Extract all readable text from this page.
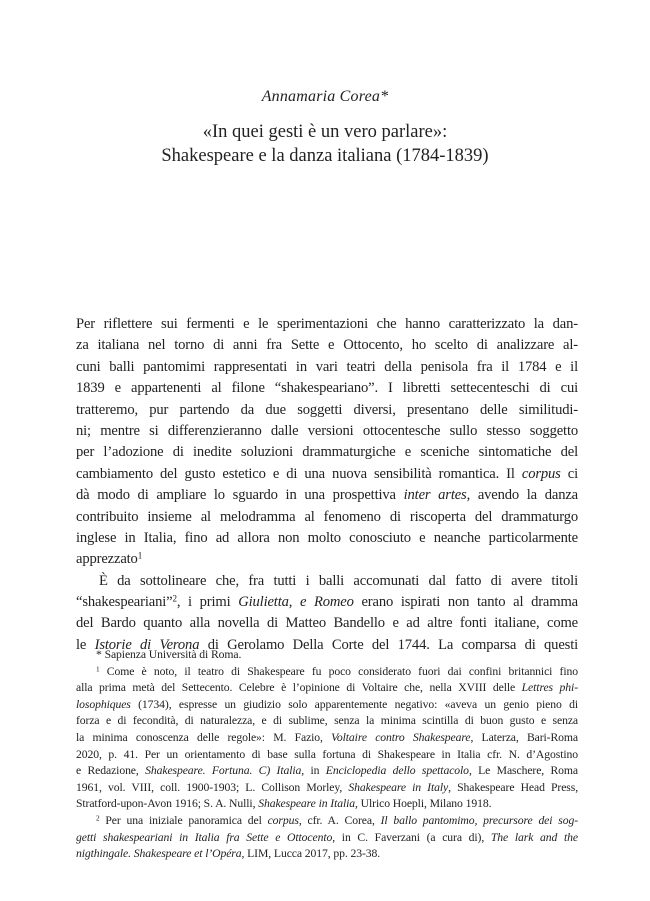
Annamaria Corea*
«In quei gesti è un vero parlare»:
Shakespeare e la danza italiana (1784-1839)
Per riflettere sui fermenti e le sperimentazioni che hanno caratterizzato la dan-
za italiana nel torno di anni fra Sette e Ottocento, ho scelto di analizzare al-
cuni balli pantomimi rappresentati in vari teatri della penisola fra il 1784 e il
1839 e appartenenti al filone “shakespeariano”. I libretti settecenteschi di cui
tratteremo, pur partendo da due soggetti diversi, presentano delle similitudi-
ni; mentre si differenzieranno dalle versioni ottocentesche sullo stesso soggetto
per l’adozione di inedite soluzioni drammaturgiche e sceniche sintomatiche del
cambiamento del gusto estetico e di una nuova sensibilità romantica. Il corpus ci
dà modo di ampliare lo sguardo in una prospettiva inter artes, avendo la danza
contribuito insieme al melodramma al fenomeno di riscoperta del drammaturgo
inglese in Italia, fino ad allora non molto conosciuto e neanche particolarmente
apprezzato$^1$
È da sottolineare che, fra tutti i balli accomunati dal fatto di avere titoli
“shakespeariani”$^2$, i primi Giulietta, e Romeo erano ispirati non tanto al dramma
del Bardo quanto alla novella di Matteo Bandello e ad altre fonti italiane, come
le Istorie di Verona di Gerolamo Della Corte del 1744. La comparsa di questi
* Sapienza Università di Roma.
$^1$ Come è noto, il teatro di Shakespeare fu poco considerato fuori dai confini britannici fino
alla prima metà del Settecento. Celebre è l’opinione di Voltaire che, nella XVIII delle Lettres phi-
losophiques (1734), espresse un giudizio solo apparentemente negativo: «aveva un genio pieno di
forza e di fecondità, di naturalezza, e di sublime, senza la minima scintilla di buon gusto e senza
la minima conoscenza delle regole»: M. Fazio, Voltaire contro Shakespeare, Laterza, Bari-Roma
2020, p. 41. Per un orientamento di base sulla fortuna di Shakespeare in Italia cfr. N. d’Agostino
e Redazione, Shakespeare. Fortuna. C) Italia, in Enciclopedia dello spettacolo, Le Maschere, Roma
1961, vol. VIII, coll. 1900-1903; L. Collison Morley, Shakespeare in Italy, Shakespeare Head Press,
Stratford-upon-Avon 1916; S. A. Nulli, Shakespeare in Italia, Ulrico Hoepli, Milano 1918.
$^2$ Per una iniziale panoramica del corpus, cfr. A. Corea, Il ballo pantomimo, precursore dei sog-
getti shakespeariani in Italia fra Sette e Ottocento, in C. Faverzani (a cura di), The lark and the
nigthingale. Shakespeare et l’Opéra, LIM, Lucca 2017, pp. 23-38.
